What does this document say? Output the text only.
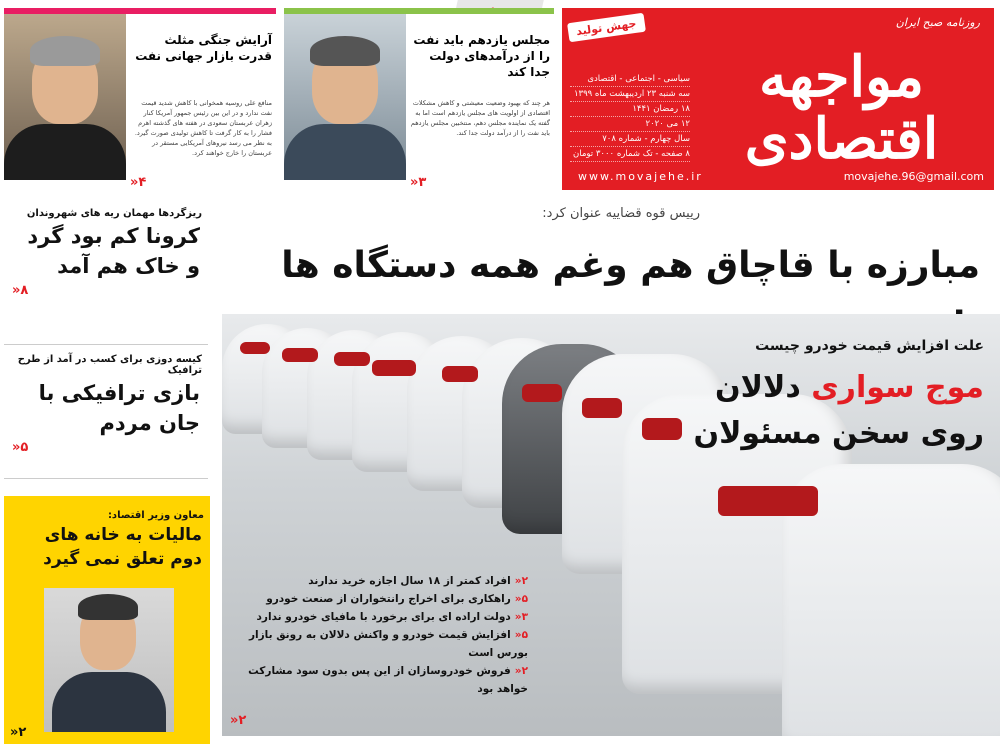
روزنامه صبح ایران
مواجهه اقتصادی
جهش تولید
سیاسی - اجتماعی - اقتصادی
سه شنبه ۲۳ اردیبهشت ماه ۱۳۹۹
۱۸ رمضان ۱۴۴۱
۱۲ می ۲۰۲۰
سال چهارم - شماره ۷۰۸
۸ صفحه - تک شماره ۳۰۰۰ تومان
movajehe.96@gmail.com
www.movajehe.ir
مجلس یازدهم باید نفت را از درآمدهای دولت جدا کند
هر چند که بهبود وضعیت معیشتی و کاهش مشکلات اقتصادی از اولویت های مجلس یازدهم است اما به گفته یک نماینده مجلس دهم، منتخبین مجلس یازدهم باید نفت را از درآمد دولت جدا کند.
۳«
آرایش جنگی مثلث قدرت بازار جهانی نفت
منافع علی روسیه همخوانی با کاهش شدید قیمت نفت ندارد و در این بین رئیس جمهور آمریکا کنار زهران عربستان سعودی در هفته های گذشته اهرم فشار را به کار گرفت تا کاهش تولیدی صورت گیرد. به نظر می رسد نیروهای آمریکایی مستقر در عربستان را خارج خواهند کرد.
۴«
رییس قوه قضاییه عنوان کرد:
مبارزه با قاچاق هم وغم همه دستگاه ها
علت افزایش قیمت خودرو چیست
موج سواری دلالان
روی سخن مسئولان
۲«افراد کمتر از ۱۸ سال اجازه خرید ندارند
۵«راهکاری برای اخراج رانتخواران از صنعت خودرو
۳«دولت اراده ای برای برخورد با مافیای خودرو ندارد
۵«افزایش قیمت خودرو و واکنش دلالان به رونق بازار بورس است
۲«فروش خودروسازان از این پس بدون سود مشارکت خواهد بود
۲«
ریزگردها مهمان ریه های شهروندان
کرونا کم بود گرد و خاک هم آمد
۸«
کیسه دوزی برای کسب در آمد از طرح ترافیک
بازی ترافیکی با جان مردم
۵«
معاون وزیر اقتصاد:
مالیات به خانه های دوم تعلق نمی گیرد
۲«
